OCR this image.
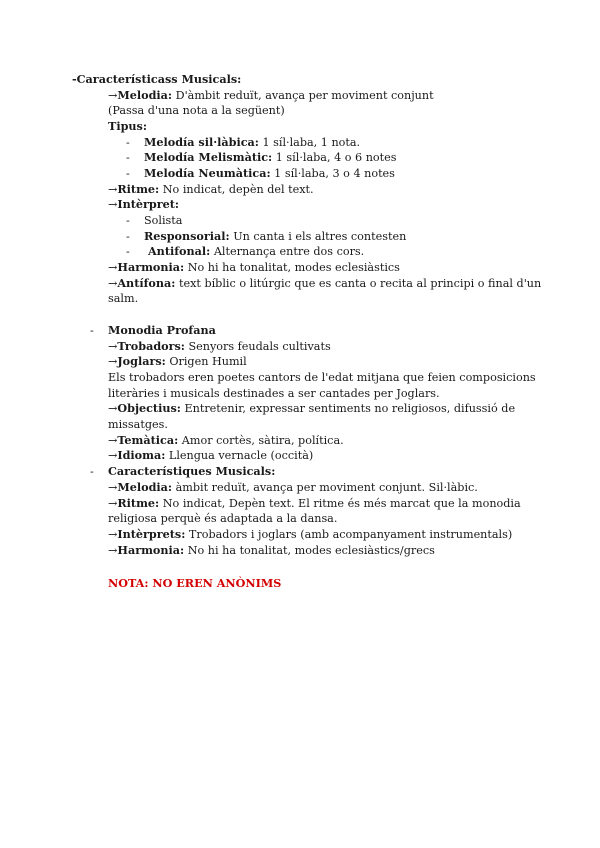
-Característicass Musicals:
→Melodia: D'àmbit reduït, avança per moviment conjunt
(Passa d'una nota a la següent)
Tipus:
- Melodía sil·làbica: 1 síl·laba, 1 nota.
- Melodía Melismàtic: 1 síl·laba, 4 o 6 notes
- Melodía Neumàtica: 1 síl·laba, 3 o 4 notes
→Ritme: No indicat, depèn del text.
→Intèrpret:
- Solista
- Responsorial: Un canta i els altres contesten
- Antifonal: Alternança entre dos cors.
→Harmonia: No hi ha tonalitat, modes eclesiàstics
→Antífona: text bíblic o litúrgic que es canta o recita al principi o final d'un
salm.
- Monodia Profana
→Trobadors: Senyors feudals cultivats
→Joglars: Origen Humil
Els trobadors eren poetes cantors de l'edat mitjana que feien composicions
literàries i musicals destinades a ser cantades per Joglars.
→Objectius: Entretenir, expressar sentiments no religiosos, difussió de
missatges.
→Temàtica: Amor cortès, sàtira, política.
→Idioma: Llengua vernacle (occità)
- Característiques Musicals:
→Melodia: àmbit reduït, avança per moviment conjunt. Sil·làbic.
→Ritme: No indicat, Depèn text. El ritme és més marcat que la monodia
religiosa perquè és adaptada a la dansa.
→Intèrprets: Trobadors i joglars (amb acompanyament instrumentals)
→Harmonia: No hi ha tonalitat, modes eclesiàstics/grecs
NOTA: NO EREN ANÒNIMS
